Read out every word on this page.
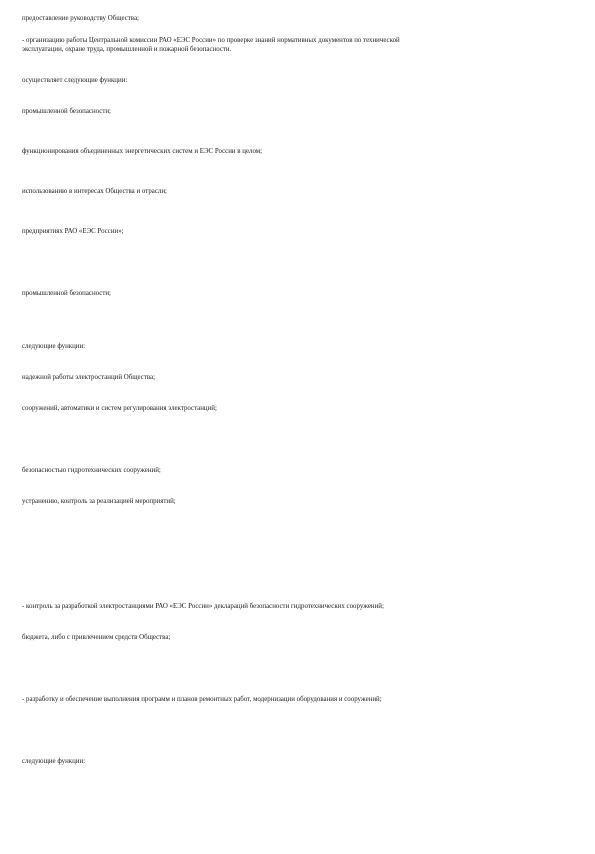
предоставление руководству Общества;
- организацию работы Центральной комиссии РАО «ЕЭС России» по проверке знаний нормативных документов по технической
эксплуатации, охране труда, промышленной и пожарной безопасности.
осуществляет следующие функции:
промышленной безопасности;
функционирования объединенных энергетических систем и ЕЭС России в целом;
использованию в интересах Общества и отрасли;
предприятиях РАО «ЕЭС России»;
промышленной безопасности;
следующие функции:
надежной работы электростанций Общества;
сооружений, автоматики и систем регулирования электростанций;
безопасностью гидротехнических сооружений;
устранению, контроль за реализацией мероприятий;
- контроль за разработкой электростанциями РАО «ЕЭС России» деклараций безопасности гидротехнических сооружений;
бюджета, либо с привлечением средств Общества;
- разработку и обеспечение выполнения программ и планов ремонтных работ, модернизации оборудования и сооружений;
следующие функции:
